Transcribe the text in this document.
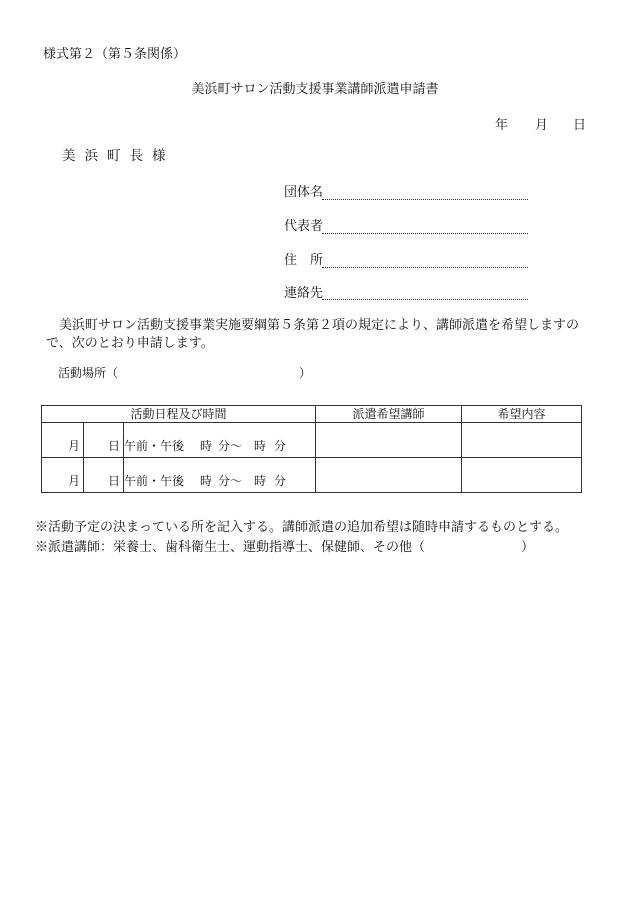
様式第２（第５条関係）
美浜町サロン活動支援事業講師派遣申請書
年 月 日
美浜町長様
団体名
代表者
住　所
連絡先
美浜町サロン活動支援事業実施要綱第５条第２項の規定により、講師派遣を希望しますので、次のとおり申請します。
活動場所（	）
活動日程及び時間			派遣希望講師	希望内容
月	日	午前・午後 時 分～ 時 分		
月	日	午前・午後 時 分～ 時 分		
※活動予定の決まっている所を記入する。講師派遣の追加希望は随時申請するものとする。
※派遣講師：栄養士、歯科衛生士、運動指導士、保健師、その他（	）
